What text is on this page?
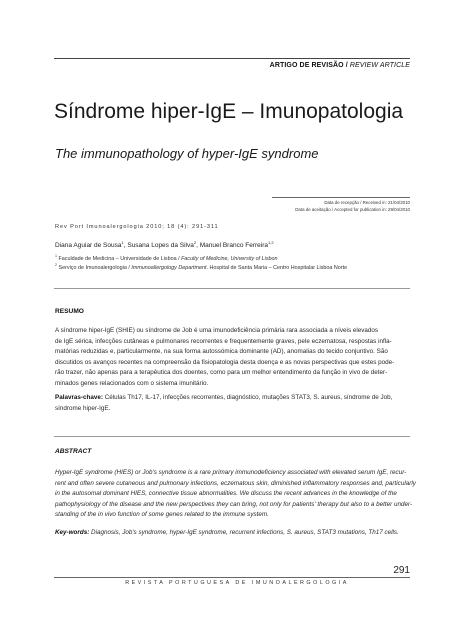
ARTIGO DE REVISÃO / REVIEW ARTICLE
Síndrome hiper-IgE – Imunopatologia
The immunopathology of hyper-IgE syndrome
Data de recepção / Received in: 21/04/2010
Data de aceitação / Accepted for publication in: 29/04/2010
Rev Port Imunoalergologia 2010; 18 (4): 291-311
Diana Aguiar de Sousa$^1$, Susana Lopes da Silva$^2$, Manuel Branco Ferreira$^{1,2}$
$^1$ Faculdade de Medicina – Universidade de Lisboa / Faculty of Medicine, University of Lisbon
$^2$ Serviço de Imunoalergologia / Immunoallergology Department. Hospital de Santa Maria – Centro Hospitalar Lisboa Norte
RESUMO
A síndrome hiper-IgE (SHIE) ou síndrome de Job é uma imunodeficiência primária rara associada a níveis elevados
de IgE sérica, infecções cutâneas e pulmonares recorrentes e frequentemente graves, pele eczematosa, respostas infla-
matórias reduzidas e, particularmente, na sua forma autossómica dominante (AD), anomalias do tecido conjuntivo. São
discutidos os avanços recentes na compreensão da fisiopatologia desta doença e as novas perspectivas que estes pode-
rão trazer, não apenas para a terapêutica dos doentes, como para um melhor entendimento da função in vivo de deter-
minados genes relacionados com o sistema imunitário.
Palavras-chave: Células Th17, IL-17, infecções recorrentes, diagnóstico, mutações STAT3, S. aureus, síndrome de Job,
síndrome hiper-IgE.
ABSTRACT
Hyper-IgE syndrome (HIES) or Job's syndrome is a rare primary immunodeficiency associated with elevated serum IgE, recur-
rent and often severe cutaneous and pulmonary infections, eczematous skin, diminished inflammatory responses and, particularly
in the autosomal dominant HIES, connective tissue abnormalities. We discuss the recent advances in the knowledge of the
pathophysiology of the disease and the new perspectives they can bring, not only for patients' therapy but also to a better under-
standing of the in vivo function of some genes related to the immune system.
Key-words: Diagnosis, Job's syndrome, hyper-IgE syndrome, recurrent infections, S. aureus, STAT3 mutations, Th17 cells.
291
REVISTA PORTUGUESA DE IMUNOALERGOLOGIA
